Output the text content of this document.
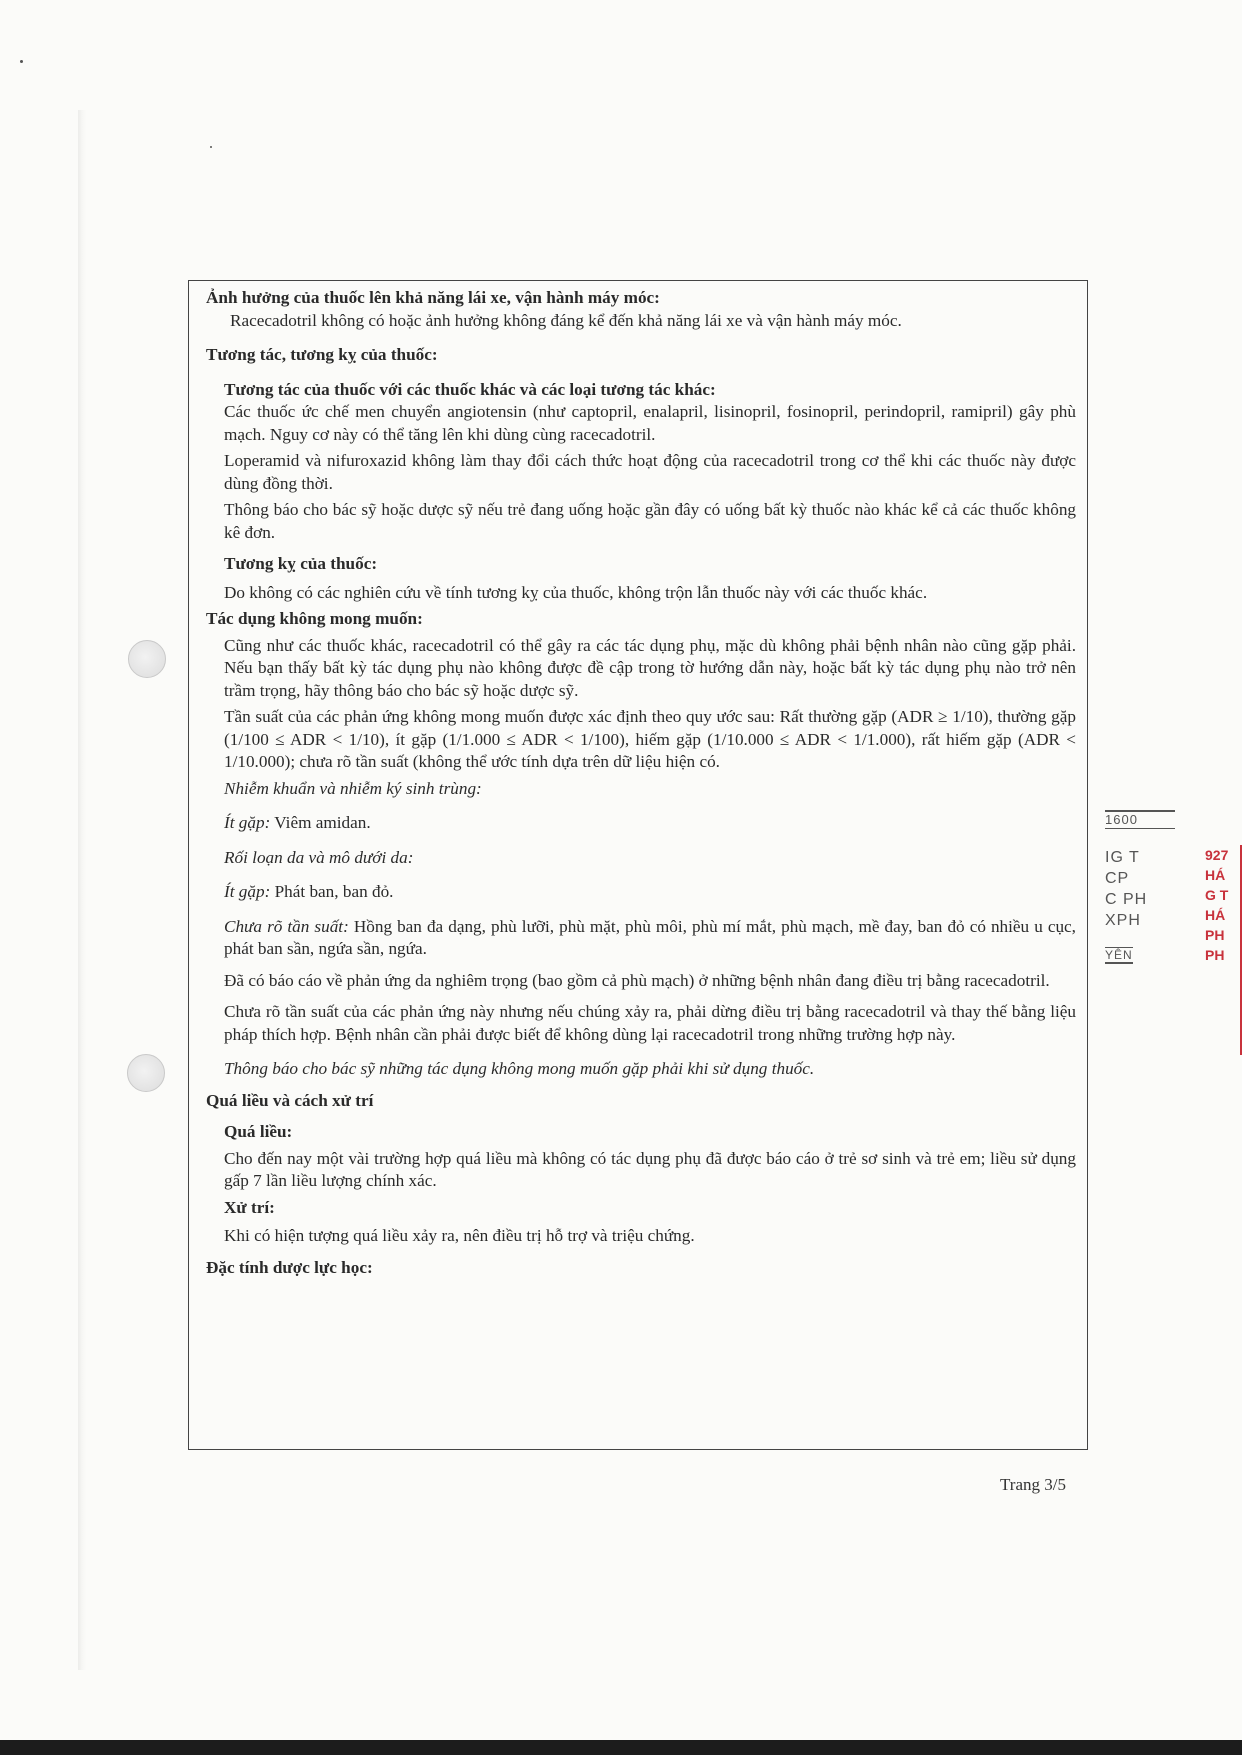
Ảnh hưởng của thuốc lên khả năng lái xe, vận hành máy móc:

Racecadotril không có hoặc ảnh hưởng không đáng kể đến khả năng lái xe và vận hành máy móc.

Tương tác, tương kỵ của thuốc:

Tương tác của thuốc với các thuốc khác và các loại tương tác khác:

Các thuốc ức chế men chuyển angiotensin (như captopril, enalapril, lisinopril, fosinopril, perindopril, ramipril) gây phù mạch. Nguy cơ này có thể tăng lên khi dùng cùng racecadotril.

Loperamid và nifuroxazid không làm thay đổi cách thức hoạt động của racecadotril trong cơ thể khi các thuốc này được dùng đồng thời.

Thông báo cho bác sỹ hoặc dược sỹ nếu trẻ đang uống hoặc gần đây có uống bất kỳ thuốc nào khác kể cả các thuốc không kê đơn.

Tương kỵ của thuốc:

Do không có các nghiên cứu về tính tương kỵ của thuốc, không trộn lẫn thuốc này với các thuốc khác.

Tác dụng không mong muốn:

Cũng như các thuốc khác, racecadotril có thể gây ra các tác dụng phụ, mặc dù không phải bệnh nhân nào cũng gặp phải. Nếu bạn thấy bất kỳ tác dụng phụ nào không được đề cập trong tờ hướng dẫn này, hoặc bất kỳ tác dụng phụ nào trở nên trầm trọng, hãy thông báo cho bác sỹ hoặc dược sỹ.

Tần suất của các phản ứng không mong muốn được xác định theo quy ước sau: Rất thường gặp (ADR ≥ 1/10), thường gặp (1/100 ≤ ADR < 1/10), ít gặp (1/1.000 ≤ ADR < 1/100), hiếm gặp (1/10.000 ≤ ADR < 1/1.000), rất hiếm gặp (ADR < 1/10.000); chưa rõ tần suất (không thể ước tính dựa trên dữ liệu hiện có.

Nhiễm khuẩn và nhiễm ký sinh trùng:

Ít gặp: Viêm amidan.

Rối loạn da và mô dưới da:

Ít gặp: Phát ban, ban đỏ.

Chưa rõ tần suất: Hồng ban đa dạng, phù lưỡi, phù mặt, phù môi, phù mí mắt, phù mạch, mề đay, ban đỏ có nhiều u cục, phát ban sần, ngứa sần, ngứa.

Đã có báo cáo về phản ứng da nghiêm trọng (bao gồm cả phù mạch) ở những bệnh nhân đang điều trị bằng racecadotril.

Chưa rõ tần suất của các phản ứng này nhưng nếu chúng xảy ra, phải dừng điều trị bằng racecadotril và thay thế bằng liệu pháp thích hợp. Bệnh nhân cần phải được biết để không dùng lại racecadotril trong những trường hợp này.

Thông báo cho bác sỹ những tác dụng không mong muốn gặp phải khi sử dụng thuốc.

Quá liều và cách xử trí

Quá liều:

Cho đến nay một vài trường hợp quá liều mà không có tác dụng phụ đã được báo cáo ở trẻ sơ sinh và trẻ em; liều sử dụng gấp 7 lần liều lượng chính xác.

Xử trí:

Khi có hiện tượng quá liều xảy ra, nên điều trị hỗ trợ và triệu chứng.

Đặc tính dược lực học:

Trang 3/5
1600
IG T
CP
C PH
XPH
YÊN
927
HÁ
G T
HÁ
PH
PH
